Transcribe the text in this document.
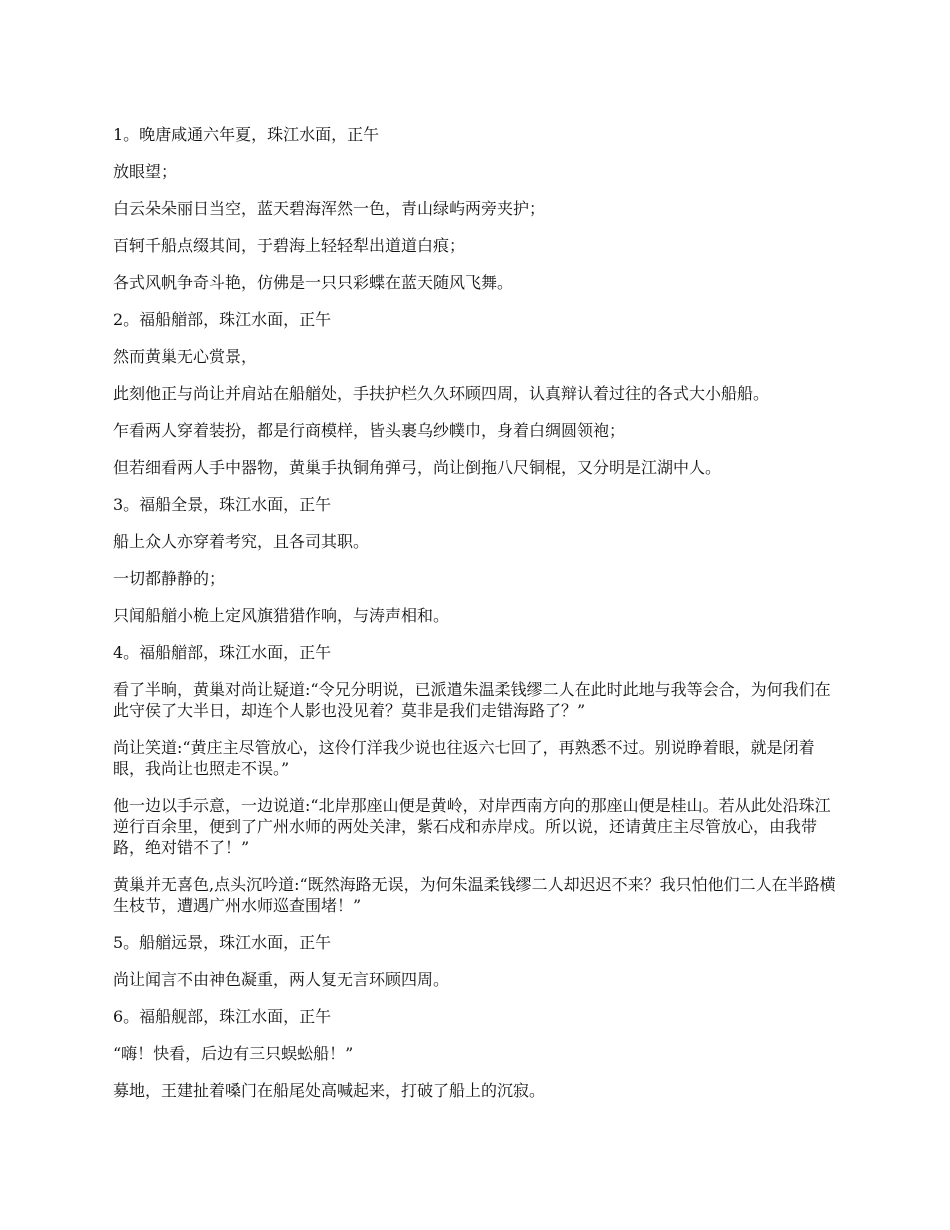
1。晚唐咸通六年夏，珠江水面，正午

放眼望；

白云朵朵丽日当空，蓝天碧海浑然一色，青山绿屿两旁夹护；

百轲千船点缀其间，于碧海上轻轻犁出道道白痕；

各式风帆争奇斗艳，仿佛是一只只彩蝶在蓝天随风飞舞。

2。福船艏部，珠江水面，正午

然而黄巢无心赏景，

此刻他正与尚让并肩站在船艏处，手扶护栏久久环顾四周，认真辩认着过往的各式大小船船。

乍看两人穿着装扮，都是行商模样，皆头裹乌纱幞巾，身着白绸圆领袍；

但若细看两人手中器物，黄巢手执铜角弹弓，尚让倒拖八尺铜棍，又分明是江湖中人。

3。福船全景，珠江水面，正午

船上众人亦穿着考究，且各司其职。

一切都静静的；

只闻船艏小桅上定风旗猎猎作响，与涛声相和。

4。福船艏部，珠江水面，正午

看了半晌，黄巢对尚让疑道:“令兄分明说，已派遣朱温柔钱缪二人在此时此地与我等会合，为何我们在此守侯了大半日，却连个人影也没见着？莫非是我们走错海路了？”

尚让笑道:“黄庄主尽管放心，这伶仃洋我少说也往返六七回了，再熟悉不过。别说睁着眼，就是闭着眼，我尚让也照走不误。”

他一边以手示意，一边说道:“北岸那座山便是黄岭，对岸西南方向的那座山便是桂山。若从此处沿珠江逆行百余里，便到了广州水师的两处关津，紫石戍和赤岸戍。所以说，还请黄庄主尽管放心，由我带路，绝对错不了！”

黄巢并无喜色,点头沉吟道:“既然海路无误，为何朱温柔钱缪二人却迟迟不来？我只怕他们二人在半路横生枝节，遭遇广州水师巡查围堵！”

5。船艏远景，珠江水面，正午

尚让闻言不由神色凝重，两人复无言环顾四周。

6。福船舰部，珠江水面，正午

“嗨！快看，后边有三只蜈蚣船！”

募地，王建扯着嗓门在船尾处高喊起来，打破了船上的沉寂。
